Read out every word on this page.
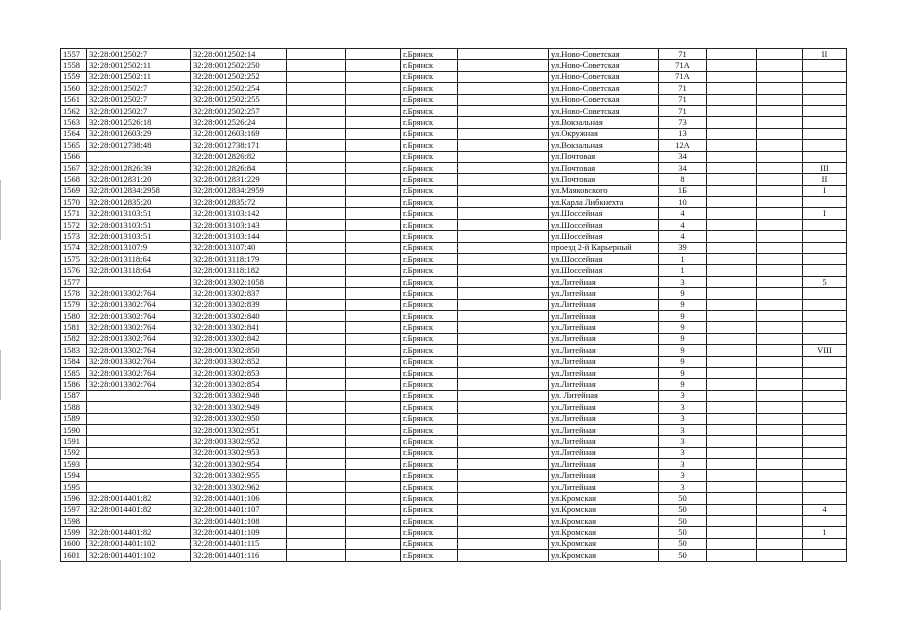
1557	32:28:0012502:7	32:28:0012502:14			г.Брянск		ул.Ново-Советская	71			II
1558	32:28:0012502:11	32:28:0012502:250			г.Брянск		ул.Ново-Советская	71А			
1559	32:28:0012502:11	32:28:0012502:252			г.Брянск		ул.Ново-Советская	71А			
1560	32:28:0012502:7	32:28:0012502:254			г.Брянск		ул.Ново-Советская	71			
1561	32:28:0012502:7	32:28:0012502:255			г.Брянск		ул.Ново-Советская	71			
1562	32:28:0012502:7	32:28:0012502:257			г.Брянск		ул.Ново-Советская	71			
1563	32:28:0012526:18	32:28:0012526:24			г.Брянск		ул.Вокзальная	73			
1564	32:28:0012603:29	32:28:0012603:169			г.Брянск		ул.Окружная	13			
1565	32:28:0012738:48	32:28:0012738:171			г.Брянск		ул.Вокзальная	12А			
1566		32:28:0012826:82			г.Брянск		ул.Почтовая	34			
1567	32:28:0012826:39	32:28:0012826:84			г.Брянск		ул.Почтовая	34			III
1568	32:28:0012831:20	32:28:0012831:229			г.Брянск		ул.Почтовая	8			II
1569	32:28:0012834:2958	32:28:0012834:2959			г.Брянск		ул.Маяковского	1Б			I
1570	32:28:0012835:20	32:28:0012835:72			г.Брянск		ул.Карла Либкнехта	10			
1571	32:28:0013103:51	32:28:0013103:142			г.Брянск		ул.Шоссейная	4			I
1572	32:28:0013103:51	32:28:0013103:143			г.Брянск		ул.Шоссейная	4			
1573	32:28:0013103:51	32:28:0013103:144			г.Брянск		ул.Шоссейная	4			
1574	32:28:0013107:9	32:28:0013107:40			г.Брянск		проезд 2-й Карьерный	39			
1575	32:28:0013118:64	32:28:0013118:179			г.Брянск		ул.Шоссейная	1			
1576	32:28:0013118:64	32:28:0013118:182			г.Брянск		ул.Шоссейная	1			
1577		32:28:0013302:1058			г.Брянск		ул.Литейная	3			5
1578	32:28:0013302:764	32:28:0013302:837			г.Брянск		ул.Литейная	9			
1579	32:28:0013302:764	32:28:0013302:839			г.Брянск		ул.Литейная	9			
1580	32:28:0013302:764	32:28:0013302:840			г.Брянск		ул.Литейная	9			
1581	32:28:0013302:764	32:28:0013302:841			г.Брянск		ул.Литейная	9			
1582	32:28:0013302:764	32:28:0013302:842			г.Брянск		ул.Литейная	9			
1583	32:28:0013302:764	32:28:0013302:850			г.Брянск		ул.Литейная	9			VIII
1584	32:28:0013302:764	32:28:0013302:852			г.Брянск		ул.Литейная	9			
1585	32:28:0013302:764	32:28:0013302:853			г.Брянск		ул.Литейная	9			
1586	32:28:0013302:764	32:28:0013302:854			г.Брянск		ул.Литейная	9			
1587		32:28:0013302:948			г.Брянск		ул. Литейная	3			
1588		32:28:0013302:949			г.Брянск		ул.Литейная	3			
1589		32:28:0013302:950			г.Брянск		ул.Литейная	3			
1590		32:28:0013302:951			г.Брянск		ул.Литейная	3			
1591		32:28:0013302:952			г.Брянск		ул.Литейная	3			
1592		32:28:0013302:953			г.Брянск		ул.Литейная	3			
1593		32:28:0013302:954			г.Брянск		ул.Литейная	3			
1594		32:28:0013302:955			г.Брянск		ул.Литейная	3			
1595		32:28:0013302:962			г.Брянск		ул.Литейная	3			
1596	32:28:0014401:82	32:28:0014401:106			г.Брянск		ул.Кромская	50			
1597	32:28:0014401:82	32:28:0014401:107			г.Брянск		ул.Кромская	50			4
1598		32:28:0014401:108			г.Брянск		ул.Кромская	50			
1599	32:28:0014401:82	32:28:0014401:109			г.Брянск		ул.Кромская	50			1
1600	32:28:0014401:102	32:28:0014401:115			г.Брянск		ул.Кромская	50			
1601	32:28:0014401:102	32:28:0014401:116			г.Брянск		ул.Кромская	50			
